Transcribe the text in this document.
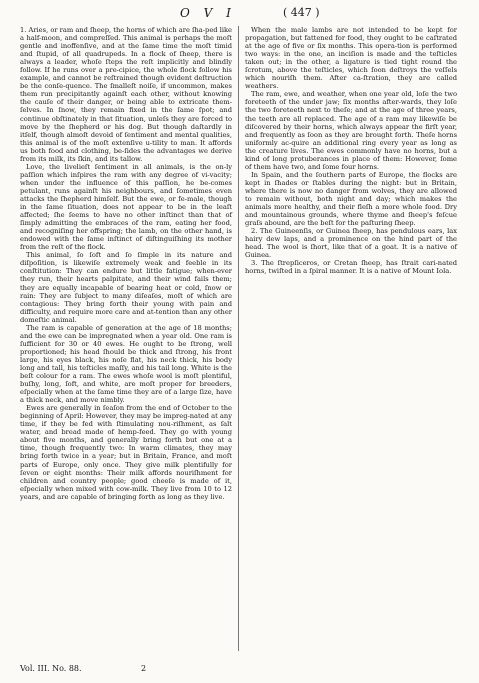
O V I	( 447 )

1. Aries, or ram and ſheep, the horns of which are ſha-ped like a half-moon, and compreſſed. This animal is perhaps the moſt gentle and inoffenſive, and at the ſame time the moſt timid and ſtupid, of all quadrupeds. In a flock of ſheep, there is always a leader, whoſe ſteps the reſt implicitly and blindly follow. If he runs over a pre-cipice, the whole flock follow his example, and cannot be reſtrained though evident deſtruction be the conſe-quence. The ſmalleſt noiſe, if uncommon, makes them run precipitantly againſt each other, without knowing the cauſe of their danger, or being able to extricate them-ſelves. In ſnow, they remain fixed in the ſame ſpot; and continue obſtinately in that ſituation, unleſs they are forced to move by the ſhepherd or his dog. But though daſtardly in itſelf, though almoſt devoid of ſentiment and mental qualities, this animal is of the moſt extenſive u-tility to man. It affords us both food and clothing, be-ſides the advantages we derive from its milk, its ſkin, and its tallow.

Love, the livelieſt ſentiment in all animals, is the on-ly paſſion which inſpires the ram with any degree of vi-vacity; when under the influence of this paſſion, he be-comes petulant, runs againſt his neighbours, and ſometimes even attacks the ſhepherd himſelf. But the ewe, or fe-male, though in the ſame ſituation, does not appear to be in the leaſt affected; ſhe ſeems to have no other inſtinct than that of ſimply admitting the embraces of the ram, eating her food, and recogniſing her offspring; the lamb, on the other hand, is endowed with the ſame inſtinct of diſtinguiſhing its mother from the reſt of the flock.

This animal, ſo ſoft and ſo ſimple in its nature and diſpoſition, is likewiſe extremely weak and feeble in its conſtitution: They can endure but little fatigue; when-ever they run, their hearts palpitate, and their wind fails them; they are equally incapable of bearing heat or cold, ſnow or rain: They are ſubject to many diſeaſes, moſt of which are contagious: They bring forth their young with pain and difficulty, and require more care and at-tention than any other domeſtic animal.

The ram is capable of generation at the age of 18 months; and the ewe can be impregnated when a year old. One ram is ſufficient for 30 or 40 ewes. He ought to be ſtrong, well proportioned; his head ſhould be thick and ſtrong, his front large, his eyes black, his noſe flat, his neck thick, his body long and tall, his teſticles maſſy, and his tail long. White is the beſt colour for a ram. The ewes whoſe wool is moſt plentiful, buſhy, long, ſoft, and white, are moſt proper for breeders, eſpecially when at the ſame time they are of a large ſize, have a thick neck, and move nimbly.

Ewes are generally in ſeaſon from the end of October to the beginning of April: However, they may be impreg-nated at any time, if they be fed with ſtimulating nou-riſhment, as ſalt water, and bread made of hemp-feed. They go with young about five months, and generally bring forth but one at a time, though frequently two: In warm climates, they may bring forth twice in a year; but in Britain, France, and moſt parts of Europe, only once. They give milk plentifully for ſeven or eight months: Their milk affords nouriſhment for children and country people; good cheeſe is made of it, eſpecially when mixed with cow-milk. They live from 10 to 12 years, and are capable of bringing forth as long as they live.

When the male lambs are not intended to be kept for propagation, but fattened for food, they ought to be caſtrated at the age of five or ſix months. This opera-tion is performed two ways: in the one, an inciſion is made and the teſticles taken out; in the other, a ligature is tied tight round the ſcrotum, above the teſticles, which ſoon deſtroys the veſſels which nouriſh them. After ca-ſtration, they are called weathers.

The ram, ewe, and weather, when one year old, loſe the two foreteeth of the under jaw; ſix months after-wards, they loſe the two foreteeth next to theſe; and at the age of three years, the teeth are all replaced. The age of a ram may likewiſe be diſcovered by their horns, which always appear the firſt year, and frequently as ſoon as they are brought forth. Theſe horns uniformly ac-quire an additional ring every year as long as the creature lives. The ewes commonly have no horns, but a kind of long protuberances in place of them: However, ſome of them have two, and ſome four horns.

In Spain, and the ſouthern parts of Europe, the flocks are kept in ſhades or ſtables during the night: but in Britain, where there is now no danger from wolves, they are allowed to remain without, both night and day; which makes the animals more healthy, and their fleſh a more whole food. Dry and mountainous grounds, where thyme and ſheep's feſcue graſs abound, are the beſt for the paſturing ſheep.

2. The Guineenſis, or Guinea ſheep, has pendulous ears, lax hairy dew laps, and a prominence on the hind part of the head. The wool is ſhort, like that of a goat. It is a native of Guinea.

3. The ſtrepſiceros, or Cretan ſheep, has ſtrait cari-nated horns, twiſted in a ſpiral manner. It is a native of Mount Iola.

Vol. III. No. 88.	2
